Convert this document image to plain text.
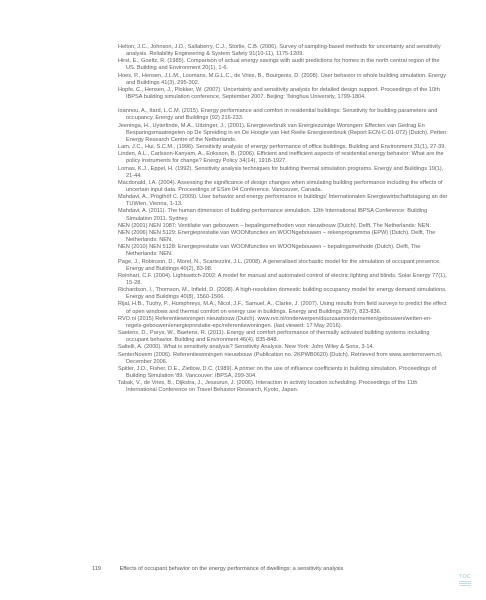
Helton, J.C., Johnson, J.D., Sallaberry, C.J., Storlie, C.B. (2006). Survey of sampling-based methods for uncertainty and sensitivity analysis. Reliability Engineering & System Safety 91(10-11), 1175-1209.
Hirst, E., Goeltz, R. (1985). Comparison of actual energy savings with audit predictions for homes in the north central region of the US. Building and Environment 20(1), 1-6.
Hoes, P., Hensen, J.L.M., Loomans, M.G.L.C., de Vries, B., Bourgeois, D. (2008). User behavior in whole building simulation. Energy and Buildings 41(3), 295-302.
Hopfe, C., Hensen, J., Plokker, W. (2007). Uncertainty and sensitivity analysis for detailed design support. Proceedings of the 10th IBPSA building simulation conference, September 2007. Beijing: Tsinghua University, 1799-1804.
Ioannou, A., Itard, L.C.M. (2015). Energy performance and comfort in residential buildings: Sensitivity for building parameters and occupancy. Energy and Buildings (92) 216-233.
Jeeninga, H., Uyterlinde, M.A., Uitzinger, J., (2001). Energieverbruik van Energiezuinige Woningen: Effecten van Gedrag En Besparingsmaatregelen op De Spreiding in en De Hoogte van Het Reële Energieverbruik (Report ECN-C-01-072) (Dutch). Petten: Energy Research Centre of the Netherlands.
Lam, J.C., Hui, S.C.M., (1996). Sensitivity analysis of energy performance of office buildings. Building and Environment 31(1), 27-39.
Linden, A.L., Carlsson-Kanyam, A., Eriksson, B. (2006). Efficient and inefficient aspects of residential energy behavior: What are the policy instruments for change? Energy Policy 34(14), 1918-1927.
Lomas, K.J., Eppel, H. (1992). Sensitivity analysis techniques for building thermal simulation programs. Energy and Buildings 19(1), 21-44.
Macdonald, I.A. (2004). Assessing the significance of design changes when simulating building performance including the effects of uncertain input data. Proceedings of ESim 04 Conference. Vancouver, Canada.
Mahdavi, A., Pröglhöf C. (2009). User behavior and energy performance in buildings' Internationalen Energiewirtschaftstagung an der TUWien, Vienna, 1-13.
Mahdavi, A. (2011). The human dimension of building performance simulation. 12th International IBPSA Conference: Building Simulation 2011. Sydney.
NEN (2001) NEN 1087: Ventilatie van gebouwen – bepalingsmethoden voor nieuwbouw (Dutch). Delft, The Netherlands: NEN.
NEN (2006) NEN 5129: Energieprestatie van WOONfuncties en WOONgebouwen – rekenprogramma (EPW) (Dutch). Delft, The Netherlands: NEN.
NEN (2010) NEN 5128: Energieprestatie van WOONfuncties en WOONgebouwen – bepalingsmethode (Dutch). Delft, The Netherlands: NEN.
Page, J., Robinson, D., Morel, N., Scartezzini, J.L. (2008). A generalised stochastic model for the simulation of occupant presence. Energy and Buildings 40(2), 83-98.
Reinhart, C.F. (2004). Lightswitch-2002: A model for manual and automated control of electric lighting and blinds. Solar Energy 77(1), 15-28.
Richardson, I., Thomson, M., Infield, D. (2008). A high-resolution domestic building occupancy model for energy demand simulations. Energy and Buildings 40(8), 1560-1566.
Rijal, H.B., Tuohy, P., Humphreys, M.A., Nicol, J.F., Samuel, A., Clarke, J. (2007). Using results from field surveys to predict the effect of open windows and thermal comfort on energy use in buildings. Energy and Buildings 39(7), 823-836.
RVO.nl (2015) Referentiewoningen nieuwbouw (Dutch). www.rvo.nl/onderwerpen/duurzaamondernemen/gebouwen/wetten-en-regels-gebouwen/energieprestatie-epc/referentiewoningen. (last viewed: 17 May 2016).
Saelens, D., Parys, W., Baetens, R. (2011). Energy and comfort performance of thermally activated building systems including occupant behavior. Building and Environment 46(4), 835-848.
Saltelli, A. (2000). What is sensitivity analysis? Sensitivity Analysis. New York: John Wiley & Sons, 3-14.
SenterNovem (2006). Referentiewoningen nieuwbouw (Publication no. 2KPWB0620) (Dutch). Retrieved from www.senternovem.nl, December 2006.
Spitler, J.D., Fisher, D.E., Zietlow, D.C. (1989). A primer on the use of influence coefficients in building simulation. Proceedings of Building Simulation '89. Vancouver: IBPSA, 299-304.
Tabak, V., de Vries, B., Dijkstra, J., Jessurun, J. (2006). Interaction in activity location scheduling. Proceedings of the 11th International Conference on Travel Behavior Research, Kyoto, Japan.
119	Effects of occupant behavior on the energy performance of dwellings: a sensitivity analysis
TOC
